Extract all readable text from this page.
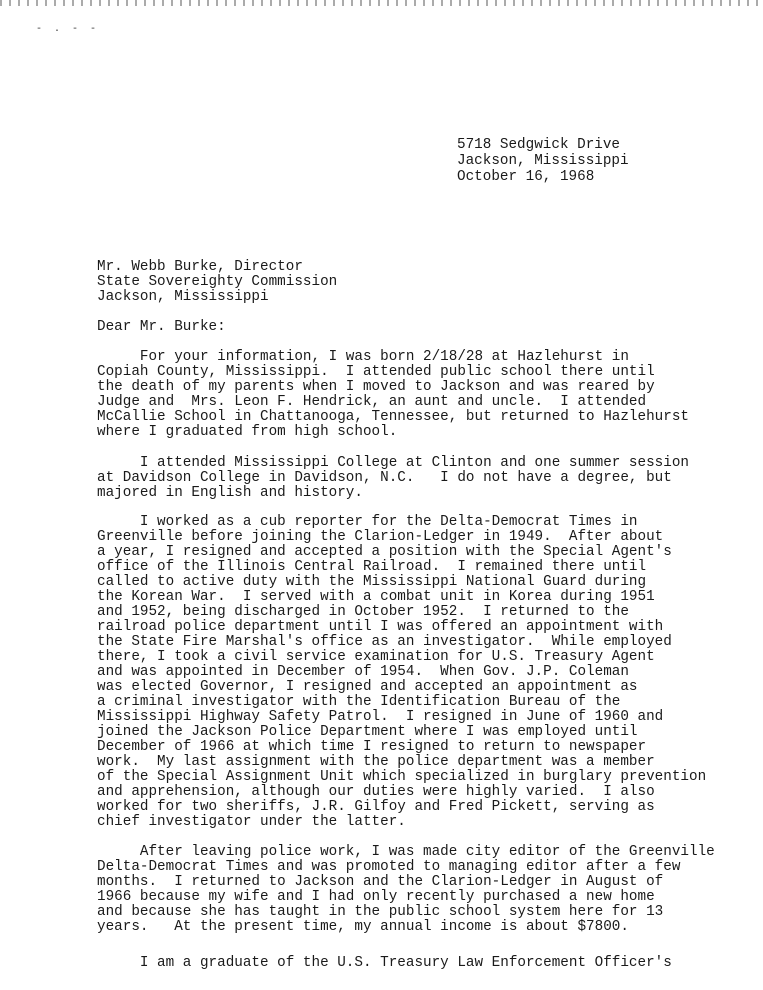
- . - -
5718 Sedgwick Drive
Jackson, Mississippi
October 16, 1968
Mr. Webb Burke, Director
State Sovereighty Commission
Jackson, Mississippi
Dear Mr. Burke:
For your information, I was born 2/18/28 at Hazlehurst in
Copiah County, Mississippi.  I attended public school there until
the death of my parents when I moved to Jackson and was reared by
Judge and  Mrs. Leon F. Hendrick, an aunt and uncle.  I attended
McCallie School in Chattanooga, Tennessee, but returned to Hazlehurst
where I graduated from high school.
I attended Mississippi College at Clinton and one summer session
at Davidson College in Davidson, N.C.   I do not have a degree, but
majored in English and history.
I worked as a cub reporter for the Delta-Democrat Times in
Greenville before joining the Clarion-Ledger in 1949.  After about
a year, I resigned and accepted a position with the Special Agent's
office of the Illinois Central Railroad.  I remained there until
called to active duty with the Mississippi National Guard during
the Korean War.  I served with a combat unit in Korea during 1951
and 1952, being discharged in October 1952.  I returned to the
railroad police department until I was offered an appointment with
the State Fire Marshal's office as an investigator.  While employed
there, I took a civil service examination for U.S. Treasury Agent
and was appointed in December of 1954.  When Gov. J.P. Coleman
was elected Governor, I resigned and accepted an appointment as
a criminal investigator with the Identification Bureau of the
Mississippi Highway Safety Patrol.  I resigned in June of 1960 and
joined the Jackson Police Department where I was employed until
December of 1966 at which time I resigned to return to newspaper
work.  My last assignment with the police department was a member
of the Special Assignment Unit which specialized in burglary prevention
and apprehension, although our duties were highly varied.  I also
worked for two sheriffs, J.R. Gilfoy and Fred Pickett, serving as
chief investigator under the latter.
After leaving police work, I was made city editor of the Greenville
Delta-Democrat Times and was promoted to managing editor after a few
months.  I returned to Jackson and the Clarion-Ledger in August of
1966 because my wife and I had only recently purchased a new home
and because she has taught in the public school system here for 13
years.   At the present time, my annual income is about $7800.
I am a graduate of the U.S. Treasury Law Enforcement Officer's
